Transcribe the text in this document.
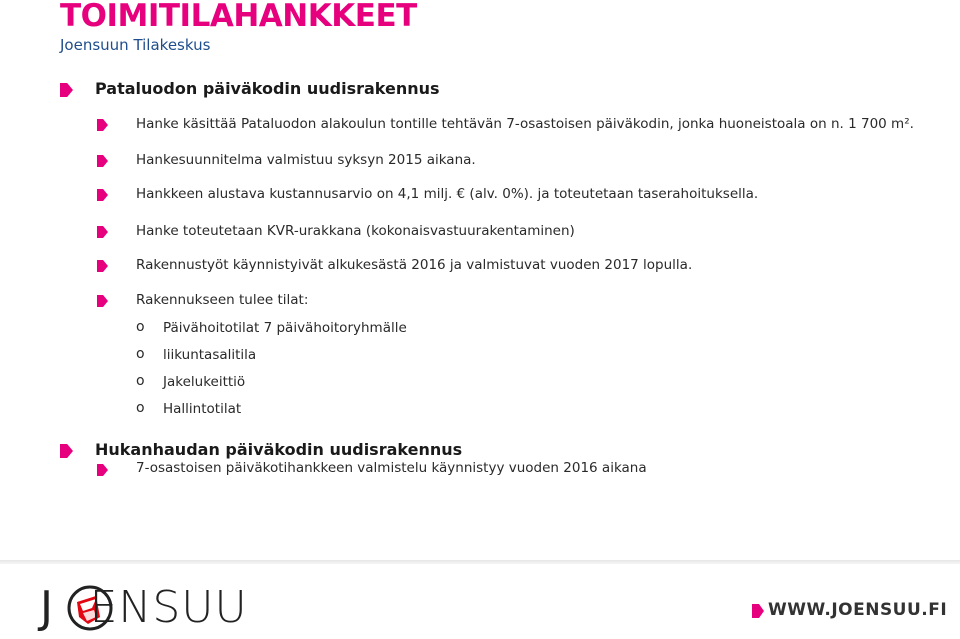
TOIMITILAHANKKEET
Joensuun Tilakeskus
Pataluodon päiväkodin uudisrakennus
Hanke käsittää Pataluodon alakoulun tontille tehtävän 7-osastoisen päiväkodin, jonka huoneistoala on n. 1 700 m².
Hankesuunnitelma valmistuu syksyn 2015 aikana.
Hankkeen alustava kustannusarvio on 4,1 milj. € (alv. 0%). ja toteutetaan taserahoituksella.
Hanke toteutetaan KVR-urakkana (kokonaisvastuurakentaminen)
Rakennustyöt käynnistyivät alkukesästä 2016 ja valmistuvat vuoden 2017 lopulla.
Rakennukseen tulee tilat:
o Päivähoitotilat 7 päivähoitoryhmälle
o liikuntasalitila
o Jakelukeittiö
o Hallintotilat
Hukanhaudan päiväkodin uudisrakennus
7-osastoisen päiväkotihankkeen valmistelu käynnistyy vuoden 2016 aikana
J ENSUU	WWW.JOENSUU.FI
